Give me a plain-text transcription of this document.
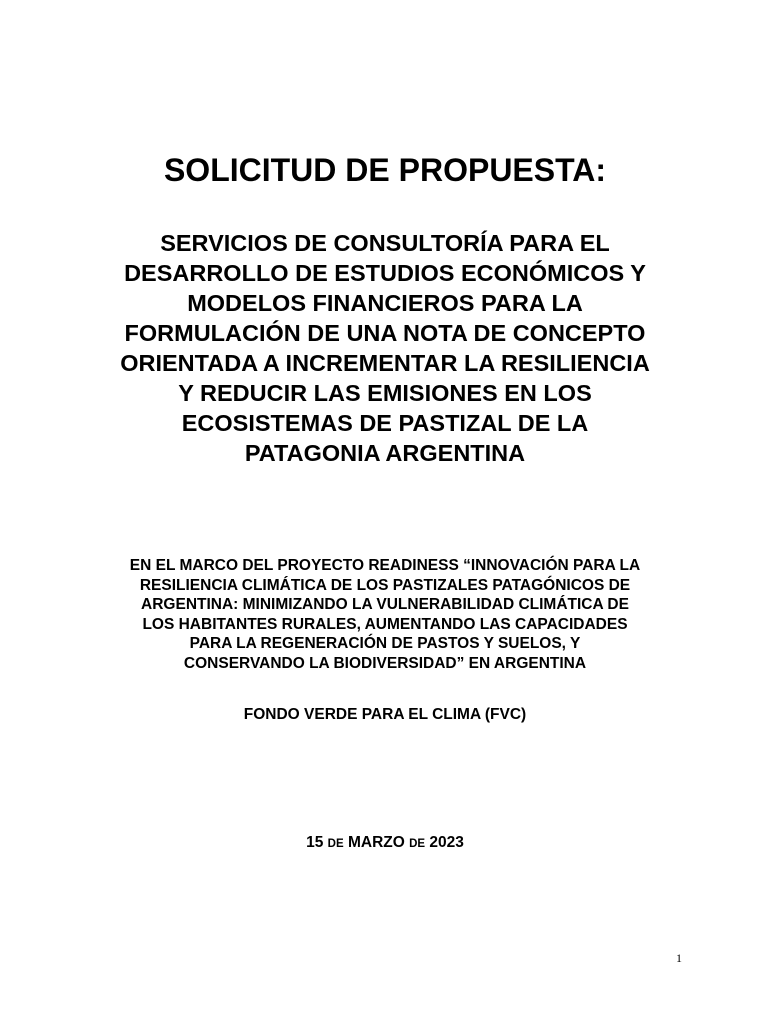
SOLICITUD DE PROPUESTA:
SERVICIOS DE CONSULTORÍA PARA EL
DESARROLLO DE ESTUDIOS ECONÓMICOS Y
MODELOS FINANCIEROS PARA LA
FORMULACIÓN DE UNA NOTA DE CONCEPTO
ORIENTADA A INCREMENTAR LA RESILIENCIA
Y REDUCIR LAS EMISIONES EN LOS
ECOSISTEMAS DE PASTIZAL DE LA
PATAGONIA ARGENTINA
EN EL MARCO DEL PROYECTO READINESS “INNOVACIÓN PARA LA
RESILIENCIA CLIMÁTICA DE LOS PASTIZALES PATAGÓNICOS DE
ARGENTINA: MINIMIZANDO LA VULNERABILIDAD CLIMÁTICA DE
LOS HABITANTES RURALES, AUMENTANDO LAS CAPACIDADES
PARA LA REGENERACIÓN DE PASTOS Y SUELOS, Y
CONSERVANDO LA BIODIVERSIDAD” EN ARGENTINA

FONDO VERDE PARA EL CLIMA (FVC)

15 DE MARZO DE 2023

1
